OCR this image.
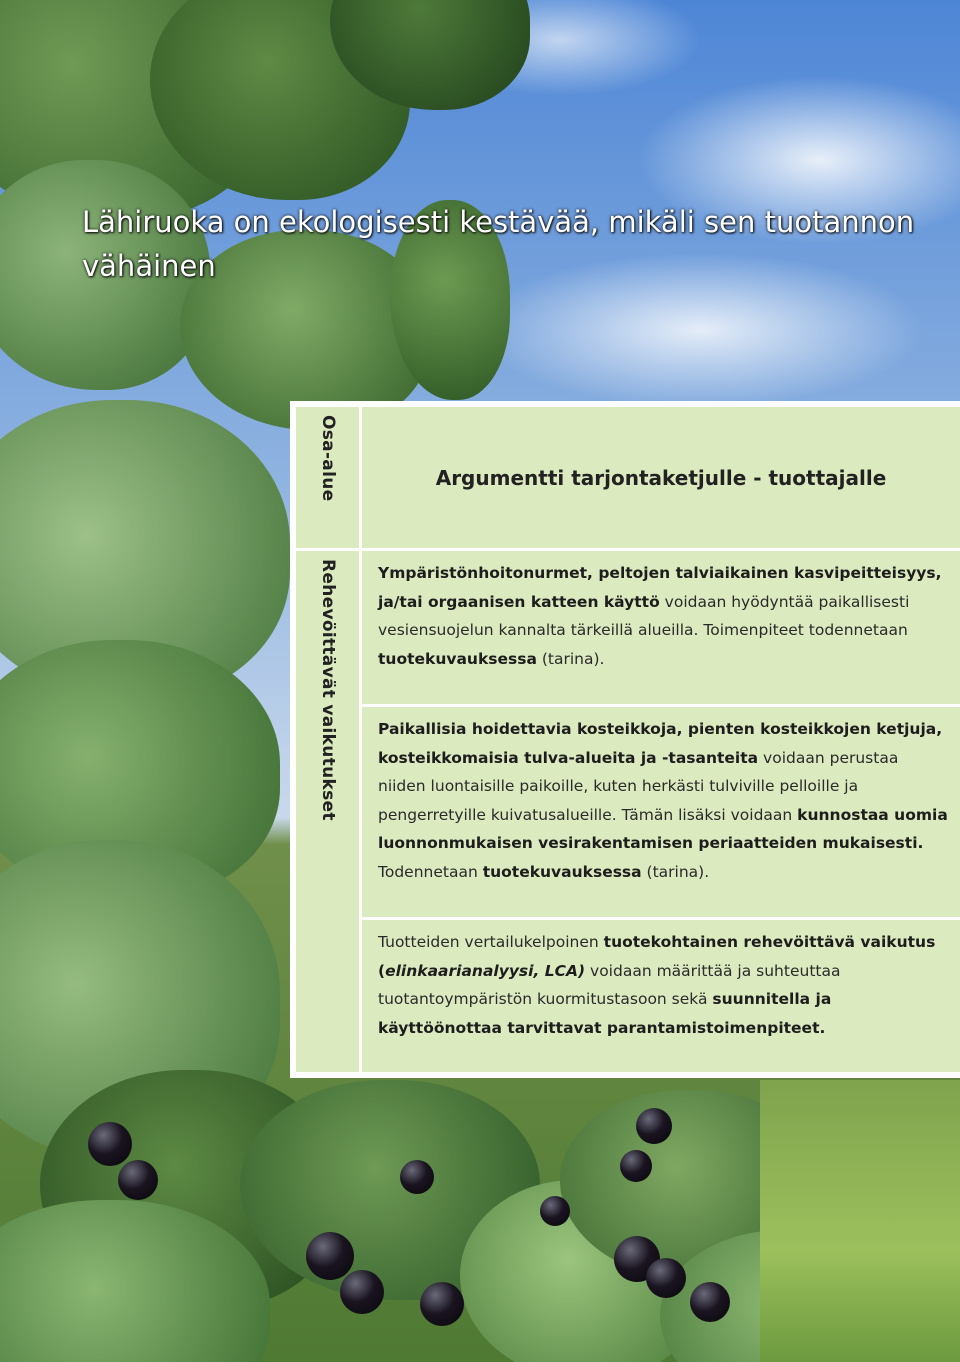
Lähiruoka on ekologisesti kestävää, mikäli sen tuotannon vähäinen
Osa-alue
Rehevöittävät vaikutukset
Argumentti tarjontaketjulle - tuottajalle
Ympäristönhoitonurmet, peltojen talviaikainen kasvipeitteisyys, ja/tai orgaanisen katteen käyttö voidaan hyödyntää paikallisesti vesiensuojelun kannalta tärkeillä alueilla. Toimenpiteet todennetaan tuotekuvauksessa (tarina).
Paikallisia hoidettavia kosteikkoja, pienten kosteikkojen ketjuja, kosteikkomaisia tulva-alueita ja -tasanteita voidaan perustaa niiden luontaisille paikoille, kuten herkästi tulviville pelloille ja pengerretyille kuivatusalueille. Tämän lisäksi voidaan kunnostaa uomia luonnonmukaisen vesirakentamisen periaatteiden mukaisesti. Todennetaan tuotekuvauksessa (tarina).
Tuotteiden vertailukelpoinen tuotekohtainen rehevöittävä vaikutus (elinkaarianalyysi, LCA) voidaan määrittää ja suhteuttaa tuotantoympäristön kuormitustasoon sekä suunnitella ja käyttöönottaa tarvittavat parantamistoimenpiteet.
